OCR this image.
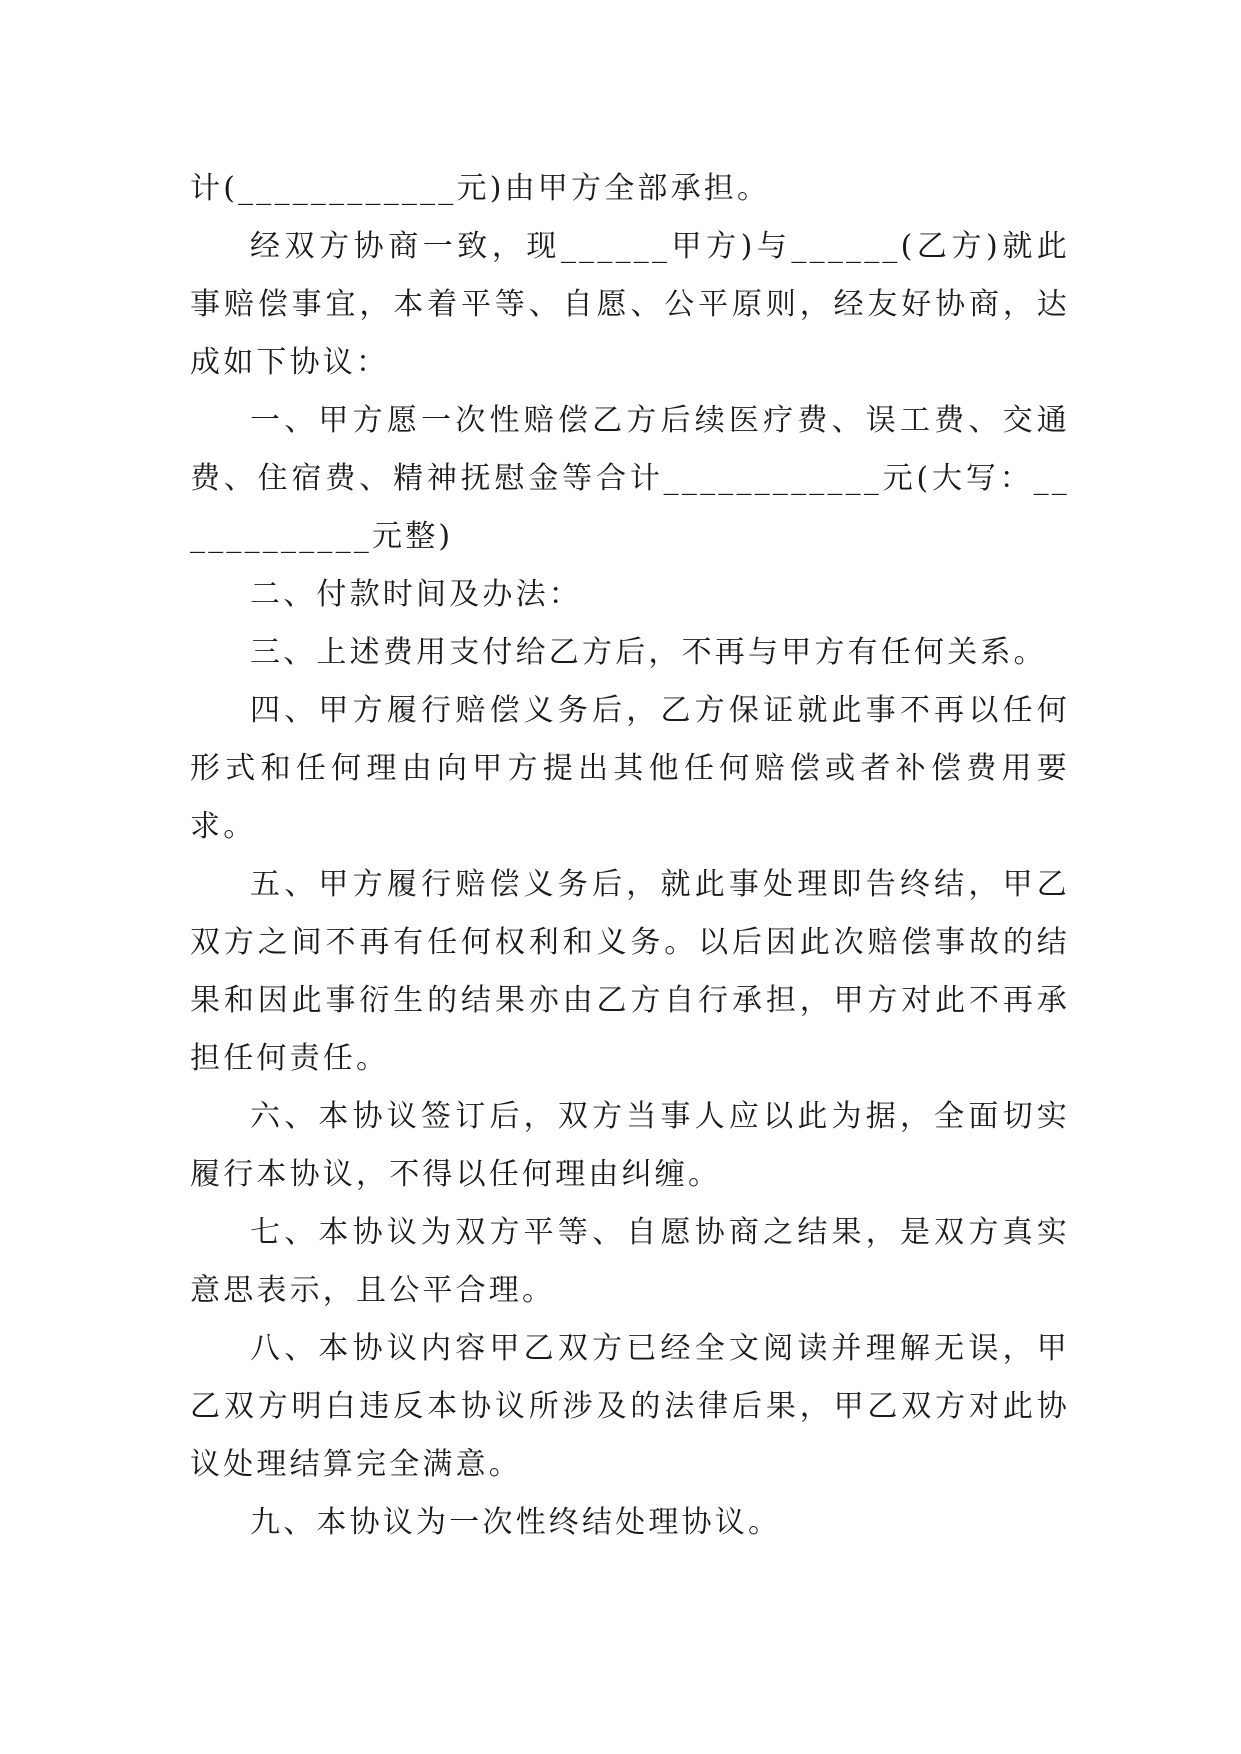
计(____________元)由甲方全部承担。

经双方协商一致，现______甲方)与______(乙方)就此事赔偿事宜，本着平等、自愿、公平原则，经友好协商，达成如下协议：

一、甲方愿一次性赔偿乙方后续医疗费、误工费、交通费、住宿费、精神抚慰金等合计____________元(大写：____________元整)

二、付款时间及办法：

三、上述费用支付给乙方后，不再与甲方有任何关系。

四、甲方履行赔偿义务后，乙方保证就此事不再以任何形式和任何理由向甲方提出其他任何赔偿或者补偿费用要求。

五、甲方履行赔偿义务后，就此事处理即告终结，甲乙双方之间不再有任何权利和义务。以后因此次赔偿事故的结果和因此事衍生的结果亦由乙方自行承担，甲方对此不再承担任何责任。

六、本协议签订后，双方当事人应以此为据，全面切实履行本协议，不得以任何理由纠缠。

七、本协议为双方平等、自愿协商之结果，是双方真实意思表示，且公平合理。

八、本协议内容甲乙双方已经全文阅读并理解无误，甲乙双方明白违反本协议所涉及的法律后果，甲乙双方对此协议处理结算完全满意。

九、本协议为一次性终结处理协议。
